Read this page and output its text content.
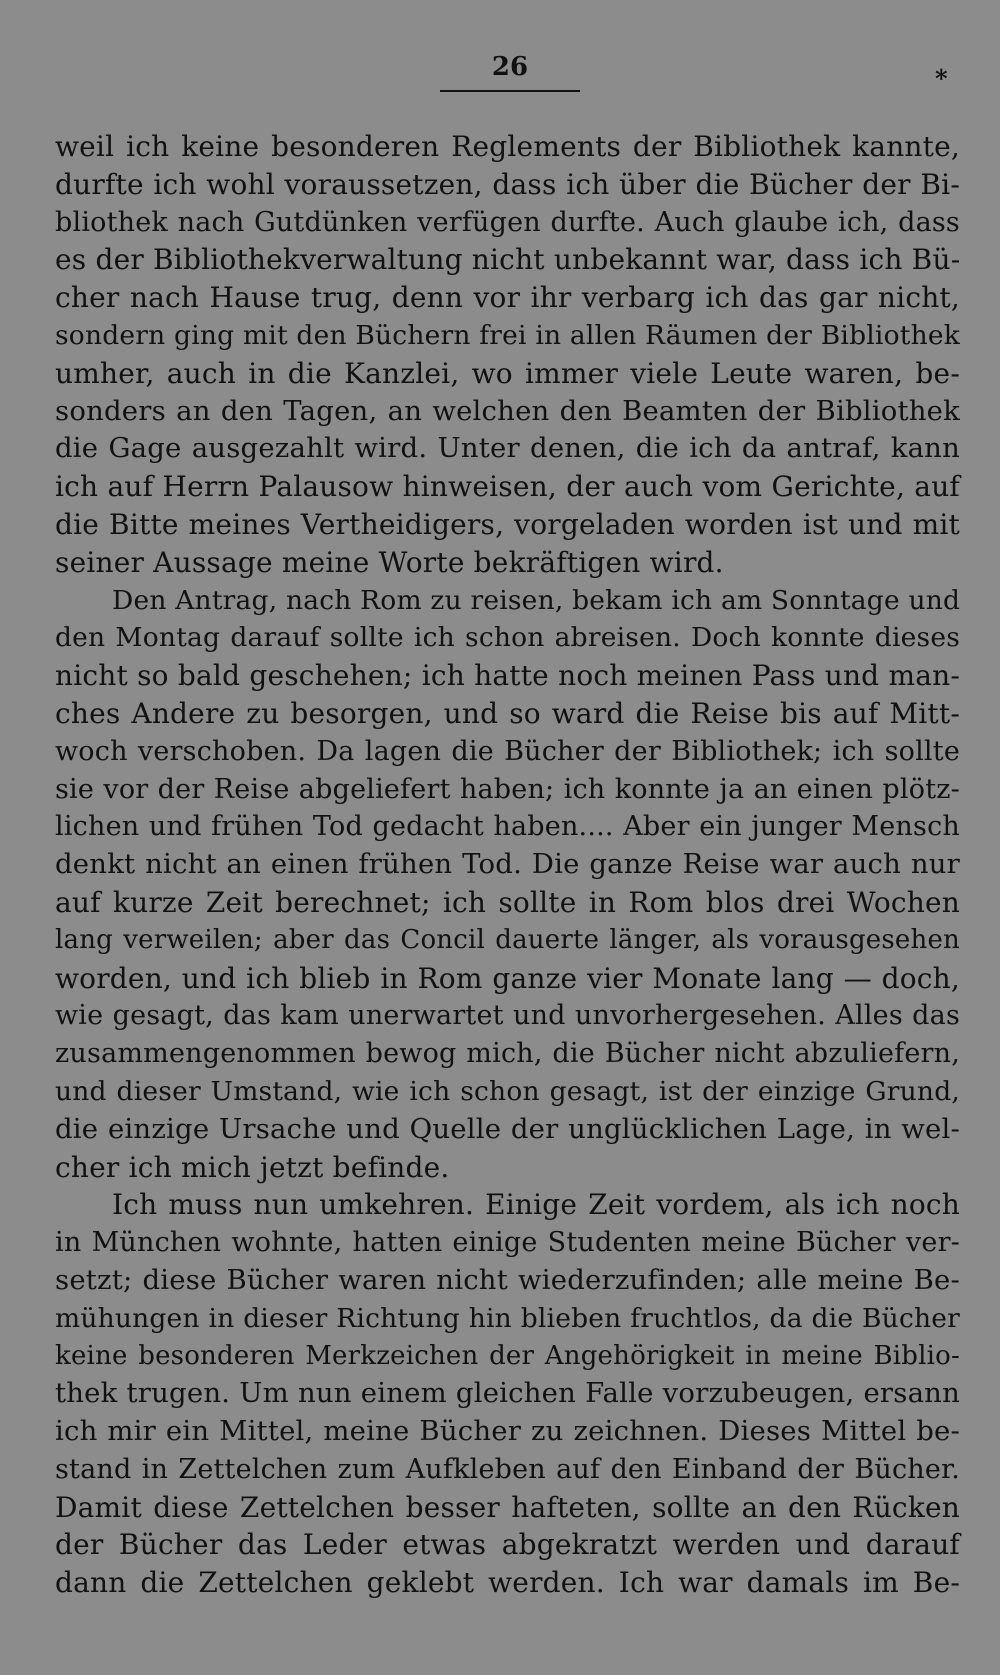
26	*
weil ich keine besonderen Reglements der Bibliothek kannte,
durfte ich wohl voraussetzen, dass ich über die Bücher der Bi-
bliothek nach Gutdünken verfügen durfte. Auch glaube ich, dass
es der Bibliothekverwaltung nicht unbekannt war, dass ich Bü-
cher nach Hause trug, denn vor ihr verbarg ich das gar nicht,
sondern ging mit den Büchern frei in allen Räumen der Bibliothek
umher, auch in die Kanzlei, wo immer viele Leute waren, be-
sonders an den Tagen, an welchen den Beamten der Bibliothek
die Gage ausgezahlt wird. Unter denen, die ich da antraf, kann
ich auf Herrn Palausow hinweisen, der auch vom Gerichte, auf
die Bitte meines Vertheidigers, vorgeladen worden ist und mit
seiner Aussage meine Worte bekräftigen wird.
Den Antrag, nach Rom zu reisen, bekam ich am Sonntage und
den Montag darauf sollte ich schon abreisen. Doch konnte dieses
nicht so bald geschehen; ich hatte noch meinen Pass und man-
ches Andere zu besorgen, und so ward die Reise bis auf Mitt-
woch verschoben. Da lagen die Bücher der Bibliothek; ich sollte
sie vor der Reise abgeliefert haben; ich konnte ja an einen plötz-
lichen und frühen Tod gedacht haben.... Aber ein junger Mensch
denkt nicht an einen frühen Tod. Die ganze Reise war auch nur
auf kurze Zeit berechnet; ich sollte in Rom blos drei Wochen
lang verweilen; aber das Concil dauerte länger, als vorausgesehen
worden, und ich blieb in Rom ganze vier Monate lang — doch,
wie gesagt, das kam unerwartet und unvorhergesehen. Alles das
zusammengenommen bewog mich, die Bücher nicht abzuliefern,
und dieser Umstand, wie ich schon gesagt, ist der einzige Grund,
die einzige Ursache und Quelle der unglücklichen Lage, in wel-
cher ich mich jetzt befinde.
Ich muss nun umkehren. Einige Zeit vordem, als ich noch
in München wohnte, hatten einige Studenten meine Bücher ver-
setzt; diese Bücher waren nicht wiederzufinden; alle meine Be-
mühungen in dieser Richtung hin blieben fruchtlos, da die Bücher
keine besonderen Merkzeichen der Angehörigkeit in meine Biblio-
thek trugen. Um nun einem gleichen Falle vorzubeugen, ersann
ich mir ein Mittel, meine Bücher zu zeichnen. Dieses Mittel be-
stand in Zettelchen zum Aufkleben auf den Einband der Bücher.
Damit diese Zettelchen besser hafteten, sollte an den Rücken
der Bücher das Leder etwas abgekratzt werden und darauf
dann die Zettelchen geklebt werden. Ich war damals im Be-
